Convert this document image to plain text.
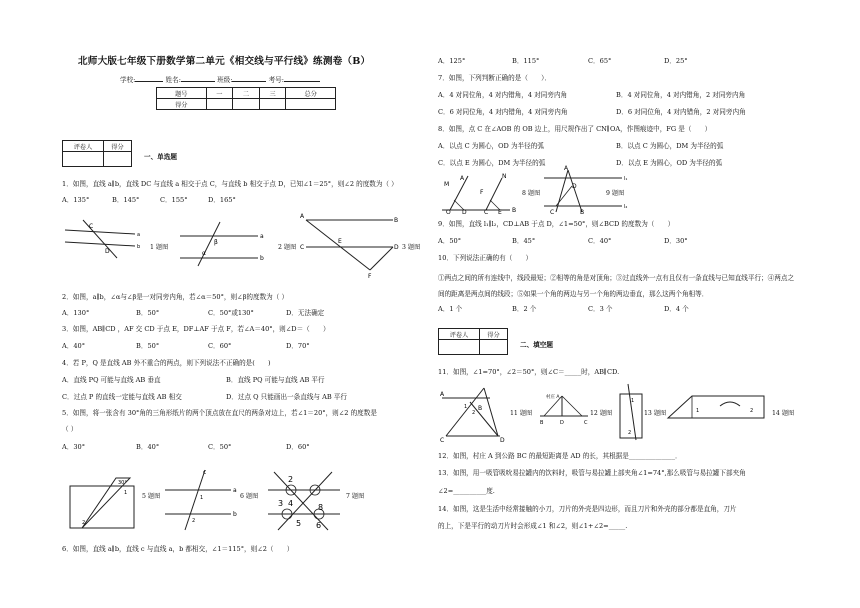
北师大版七年级下册数学第二单元《相交线与平行线》练测卷（B）
学校:	姓名:	班级:	考号:
题号	一	二	三	总分
得分				
评卷人	得分

一、单选题
1．如图，直线 a∥b，直线 DC 与直线 a 相交于点 C，与直线 b 相交于点 D，已知∠1＝25°，则∠2 的度数为（ ）
A．135°	B．145°	C．155°	D．165°
C
D
a
b 1 题图
β
α
a
b
2 题图
A
B
C
E
D
F
3 题图
2．如图，a∥b，∠α与∠β是一对同旁内角，若∠α＝50°，则∠β的度数为（ ）
A．130°	B．50°	C．50°或130°	D．无法确定
3．如图，AB∥CD ，AF 交 CD 于点 E，DF⊥AF 于点 F，若∠A＝40°，则∠D＝（　　）
A．40°	B．50°	C．60°	D．70°
4．若 P，Q 是直线 AB 外不重合的两点，则下列说法不正确的是(　　)
A．直线 PQ 可能与直线 AB 垂直	B．直线 PQ 可能与直线 AB 平行
C．过点 P 的直线一定能与直线 AB 相交	D．过点 Q 只能画出一条直线与 AB 平行
5．如图，将一张含有 30°角的三角形纸片的两个顶点放在直尺的两条对边上，若∠1＝20°，则∠2 的度数是
（ ）
A．30°	B．40°	C．50°	D．60°
30°
2
1 5 题图
c
a
b
1
2
6 题图
2
3 4
5 6
8
7 题图
6．如图，直线 a∥b，直线 c 与直线 a，b 都相交，∠1＝115°，则∠2（　　）
A．125°	B．115°	C．65°	D．25°
7．如图，下列判断正确的是（　　）．
A．4 对同位角，4 对内错角，4 对同旁内角	B．4 对同位角，4 对内错角，2 对同旁内角
C．6 对同位角，4 对内错角，4 对同旁内角	D．6 对同位角，4 对内错角，2 对同旁内角
8．如图，点 C 在∠AOB 的 OB 边上，用尺规作出了 CN∥OA，作图痕迹中，FG 是（　　）
A．以点 C 为圆心，OD 为半径的弧	B．以点 C 为圆心，DM 为半径的弧
C．以点 E 为圆心，DM 为半径的弧	D．以点 E 为圆心，OD 为半径的弧
A	N
M
F
O D	C E B
8 题图
A
D
C	B
l₁
l₂
9 题图
9．如图，直线 l₁∥l₂，CD⊥AB 于点 D，∠1=50°，则∠BCD 的度数为（　　）
A．50°	B．45°	C．40°	D．30°
10．下列说法正确的有（　　）
①两点之间的所有连线中，线段最短；②相等的角是对顶角；③过直线外一点有且仅有一条直线与已知直线平行；④两点之间的距离是两点间的线段；⑤如果一个角的两边与另一个角的两边垂直，那么这两个角相等．
A．1 个	B．2 个	C．3 个	D．4 个
评卷人	得分

二、填空题
11．如图，∠1=70°，∠2＝50°，则∠C＝_____时，AB∥CD.
A
B
C	D
1
2	11 题图
村庄 A
B	D	C
12 题图
1
2
13 题图	1	2	14 题图
12．如图，村庄 A 到公路 BC 的最短距离是 AD 的长，其根据是______________．
13．如图，用一吸管吸吮易拉罐内的饮料时，吸管与易拉罐上部夹角∠1=74°,那么吸管与易拉罐下部夹角
∠2=__________度.
14．如图，这是生活中经常接触的小刀，刀片的外壳是四边形，而且刀片和外壳的部分都是直角，刀片
的上，下是平行的动刀片时会形成∠1 和∠2，则∠1+∠2=_____.
